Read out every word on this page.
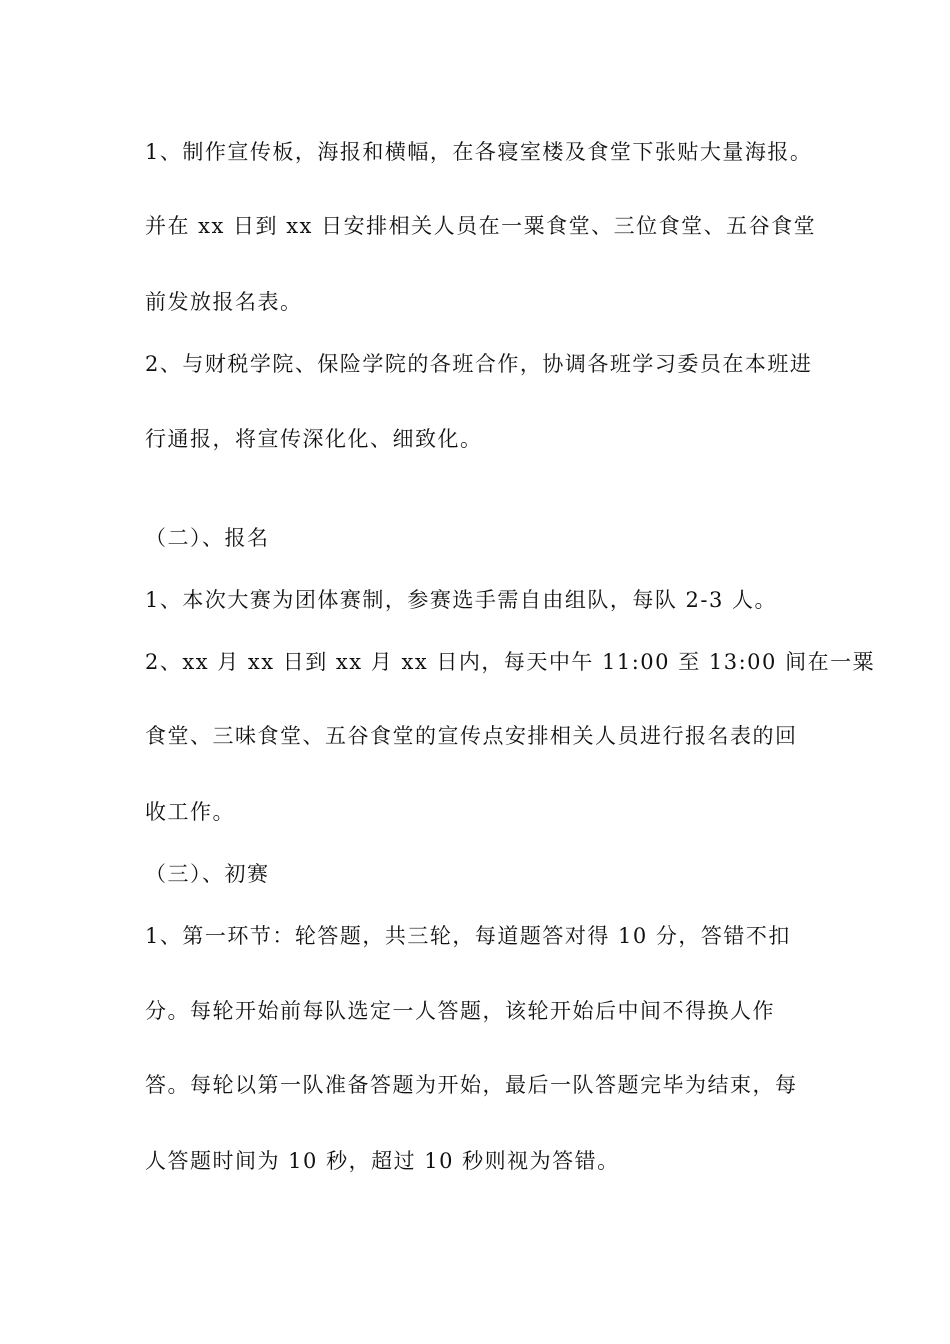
1、制作宣传板，海报和横幅，在各寝室楼及食堂下张贴大量海报。
并在 xx 日到 xx 日安排相关人员在一粟食堂、三位食堂、五谷食堂
前发放报名表。
2、与财税学院、保险学院的各班合作，协调各班学习委员在本班进
行通报，将宣传深化化、细致化。
（二）、报名
1、本次大赛为团体赛制，参赛选手需自由组队，每队 2-3 人。
2、xx 月 xx 日到 xx 月 xx 日内，每天中午 11:00 至 13:00 间在一粟
食堂、三味食堂、五谷食堂的宣传点安排相关人员进行报名表的回
收工作。
（三）、初赛
1、第一环节：轮答题，共三轮，每道题答对得 10 分，答错不扣
分。每轮开始前每队选定一人答题，该轮开始后中间不得换人作
答。每轮以第一队准备答题为开始，最后一队答题完毕为结束，每
人答题时间为 10 秒，超过 10 秒则视为答错。
